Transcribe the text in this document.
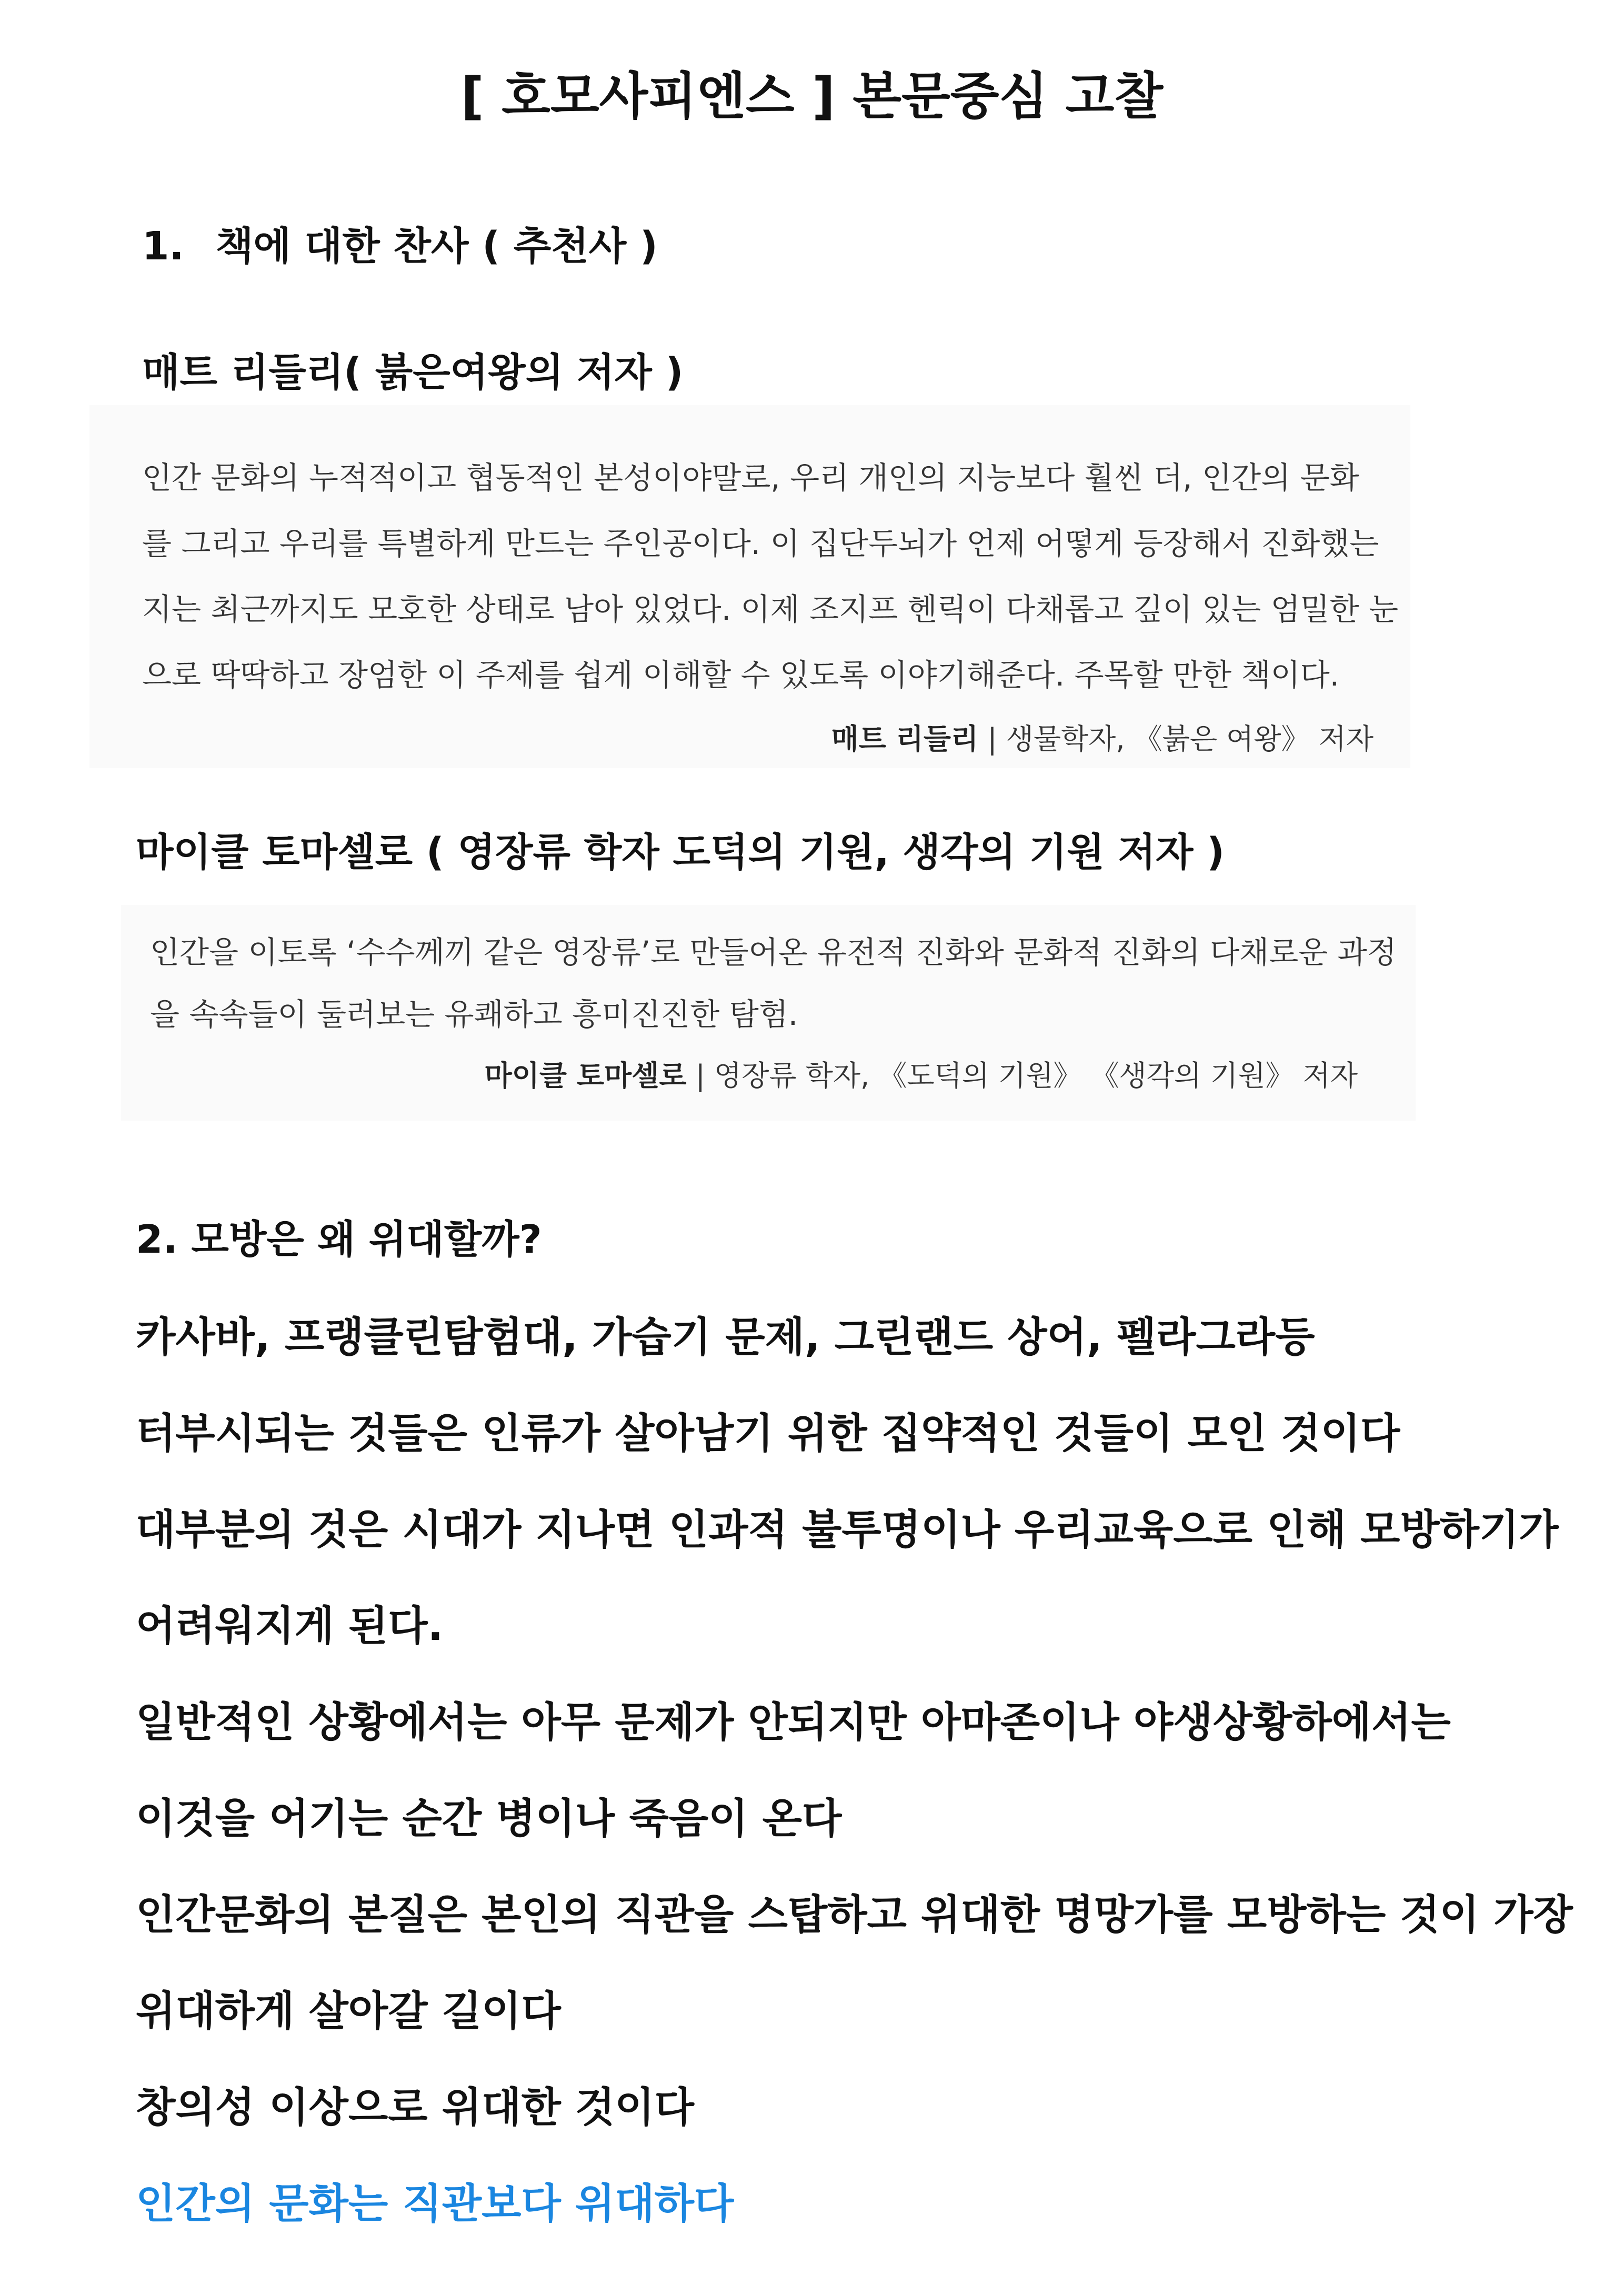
[ 호모사피엔스 ] 본문중심 고찰
1. 책에 대한 찬사 ( 추천사 )
매트 리들리( 붉은여왕의 저자 )
인간 문화의 누적적이고 협동적인 본성이야말로, 우리 개인의 지능보다 훨씬 더, 인간의 문화
를 그리고 우리를 특별하게 만드는 주인공이다. 이 집단두뇌가 언제 어떻게 등장해서 진화했는
지는 최근까지도 모호한 상태로 남아 있었다. 이제 조지프 헨릭이 다채롭고 깊이 있는 엄밀한 눈
으로 딱딱하고 장엄한 이 주제를 쉽게 이해할 수 있도록 이야기해준다. 주목할 만한 책이다.
매트 리들리 | 생물학자, 《붉은 여왕》 저자
마이클 토마셀로 ( 영장류 학자 도덕의 기원, 생각의 기원 저자 )
인간을 이토록 ‘수수께끼 같은 영장류’로 만들어온 유전적 진화와 문화적 진화의 다채로운 과정
을 속속들이 둘러보는 유쾌하고 흥미진진한 탐험.
마이클 토마셀로 | 영장류 학자, 《도덕의 기원》 《생각의 기원》 저자
2. 모방은 왜 위대할까?
카사바, 프랭클린탐험대, 가습기 문제, 그린랜드 상어, 펠라그라등
터부시되는 것들은 인류가 살아남기 위한 집약적인 것들이 모인 것이다
대부분의 것은 시대가 지나면 인과적 불투명이나 우리교육으로 인해 모방하기가
어려워지게 된다.
일반적인 상황에서는 아무 문제가 안되지만 아마존이나 야생상황하에서는
이것을 어기는 순간 병이나 죽음이 온다
인간문화의 본질은 본인의 직관을 스탑하고 위대한 명망가를 모방하는 것이 가장
위대하게 살아갈 길이다
창의성 이상으로 위대한 것이다
인간의 문화는 직관보다 위대하다
